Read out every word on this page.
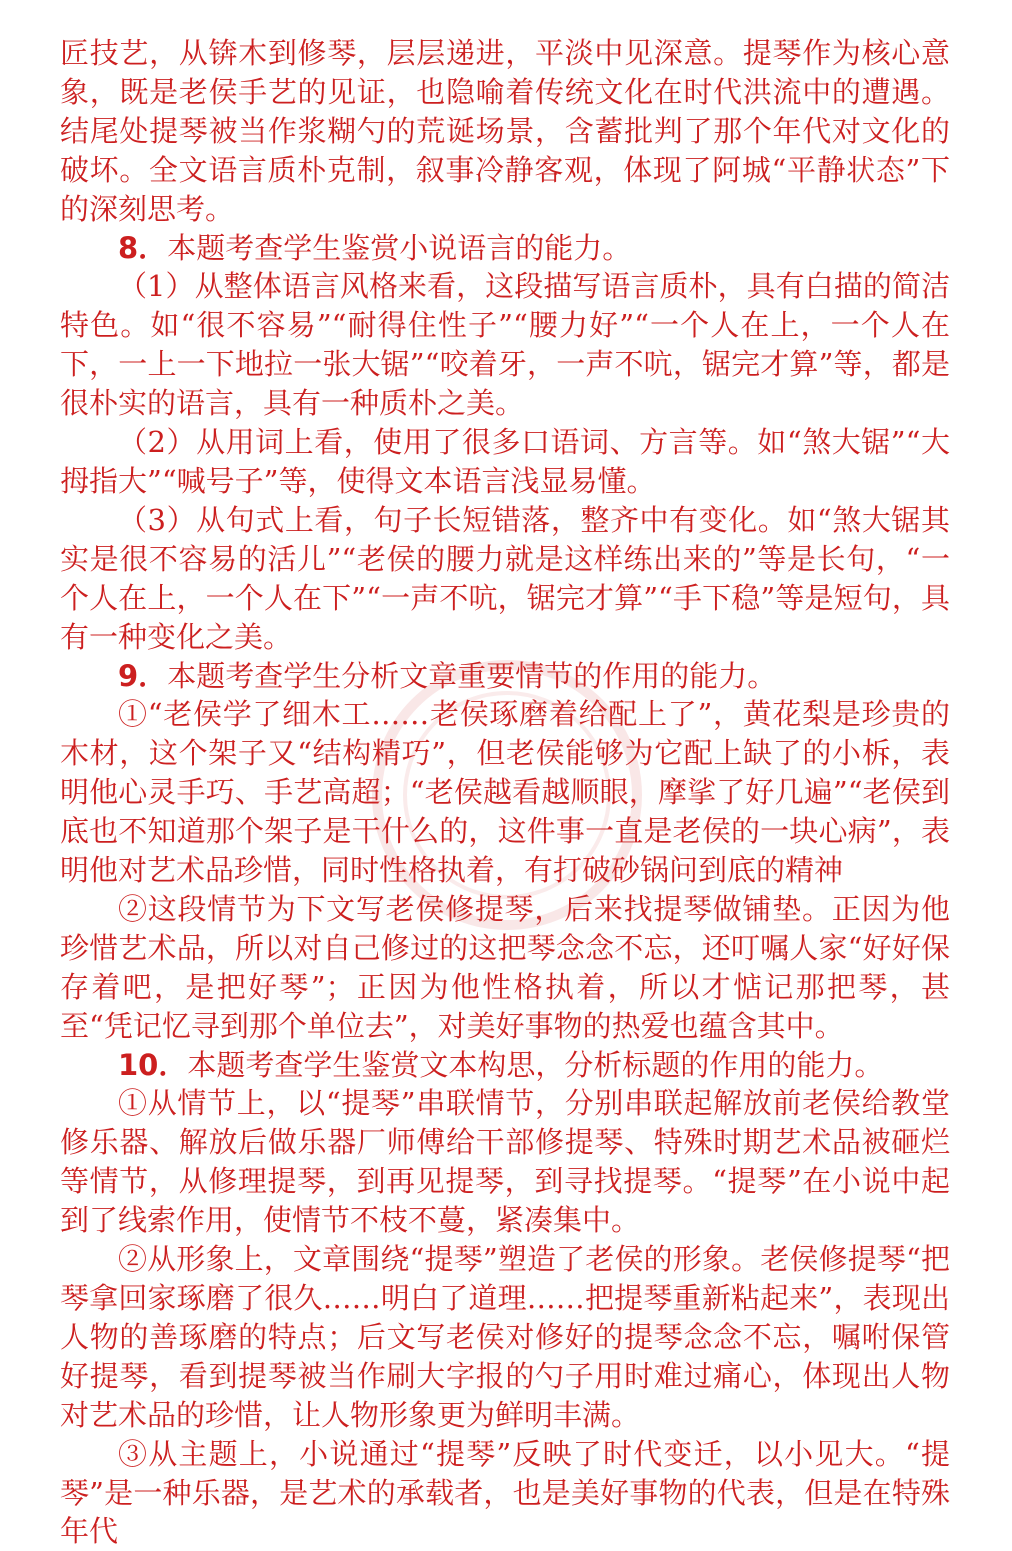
匠技艺，从锛木到修琴，层层递进，平淡中见深意。提琴作为核心意象，既是老侯手艺的见证，也隐喻着传统文化在时代洪流中的遭遇。结尾处提琴被当作浆糊勺的荒诞场景，含蓄批判了那个年代对文化的破坏。全文语言质朴克制，叙事冷静客观，体现了阿城“平静状态”下的深刻思考。

8．本题考查学生鉴赏小说语言的能力。

（1）从整体语言风格来看，这段描写语言质朴，具有白描的简洁特色。如“很不容易”“耐得住性子”“腰力好”“一个人在上，一个人在下，一上一下地拉一张大锯”“咬着牙，一声不吭，锯完才算”等，都是很朴实的语言，具有一种质朴之美。

（2）从用词上看，使用了很多口语词、方言等。如“煞大锯”“大拇指大”“喊号子”等，使得文本语言浅显易懂。

（3）从句式上看，句子长短错落，整齐中有变化。如“煞大锯其实是很不容易的活儿”“老侯的腰力就是这样练出来的”等是长句，“一个人在上，一个人在下”“一声不吭，锯完才算”“手下稳”等是短句，具有一种变化之美。

9．本题考查学生分析文章重要情节的作用的能力。

①“老侯学了细木工……老侯琢磨着给配上了”，黄花梨是珍贵的木材，这个架子又“结构精巧”，但老侯能够为它配上缺了的小柝，表明他心灵手巧、手艺高超；“老侯越看越顺眼，摩挲了好几遍”“老侯到底也不知道那个架子是干什么的，这件事一直是老侯的一块心病”，表明他对艺术品珍惜，同时性格执着，有打破砂锅问到底的精神

②这段情节为下文写老侯修提琴，后来找提琴做铺垫。正因为他珍惜艺术品，所以对自己修过的这把琴念念不忘，还叮嘱人家“好好保存着吧，是把好琴”；正因为他性格执着，所以才惦记那把琴，甚至“凭记忆寻到那个单位去”，对美好事物的热爱也蕴含其中。

10．本题考查学生鉴赏文本构思，分析标题的作用的能力。

①从情节上，以“提琴”串联情节，分别串联起解放前老侯给教堂修乐器、解放后做乐器厂师傅给干部修提琴、特殊时期艺术品被砸烂等情节，从修理提琴，到再见提琴，到寻找提琴。“提琴”在小说中起到了线索作用，使情节不枝不蔓，紧凑集中。

②从形象上，文章围绕“提琴”塑造了老侯的形象。老侯修提琴“把琴拿回家琢磨了很久……明白了道理……把提琴重新粘起来”，表现出人物的善琢磨的特点；后文写老侯对修好的提琴念念不忘，嘱咐保管好提琴，看到提琴被当作刷大字报的勺子用时难过痛心，体现出人物对艺术品的珍惜，让人物形象更为鲜明丰满。

③从主题上，小说通过“提琴”反映了时代变迁，以小见大。“提琴”是一种乐器，是艺术的承载者，也是美好事物的代表，但是在特殊年代
